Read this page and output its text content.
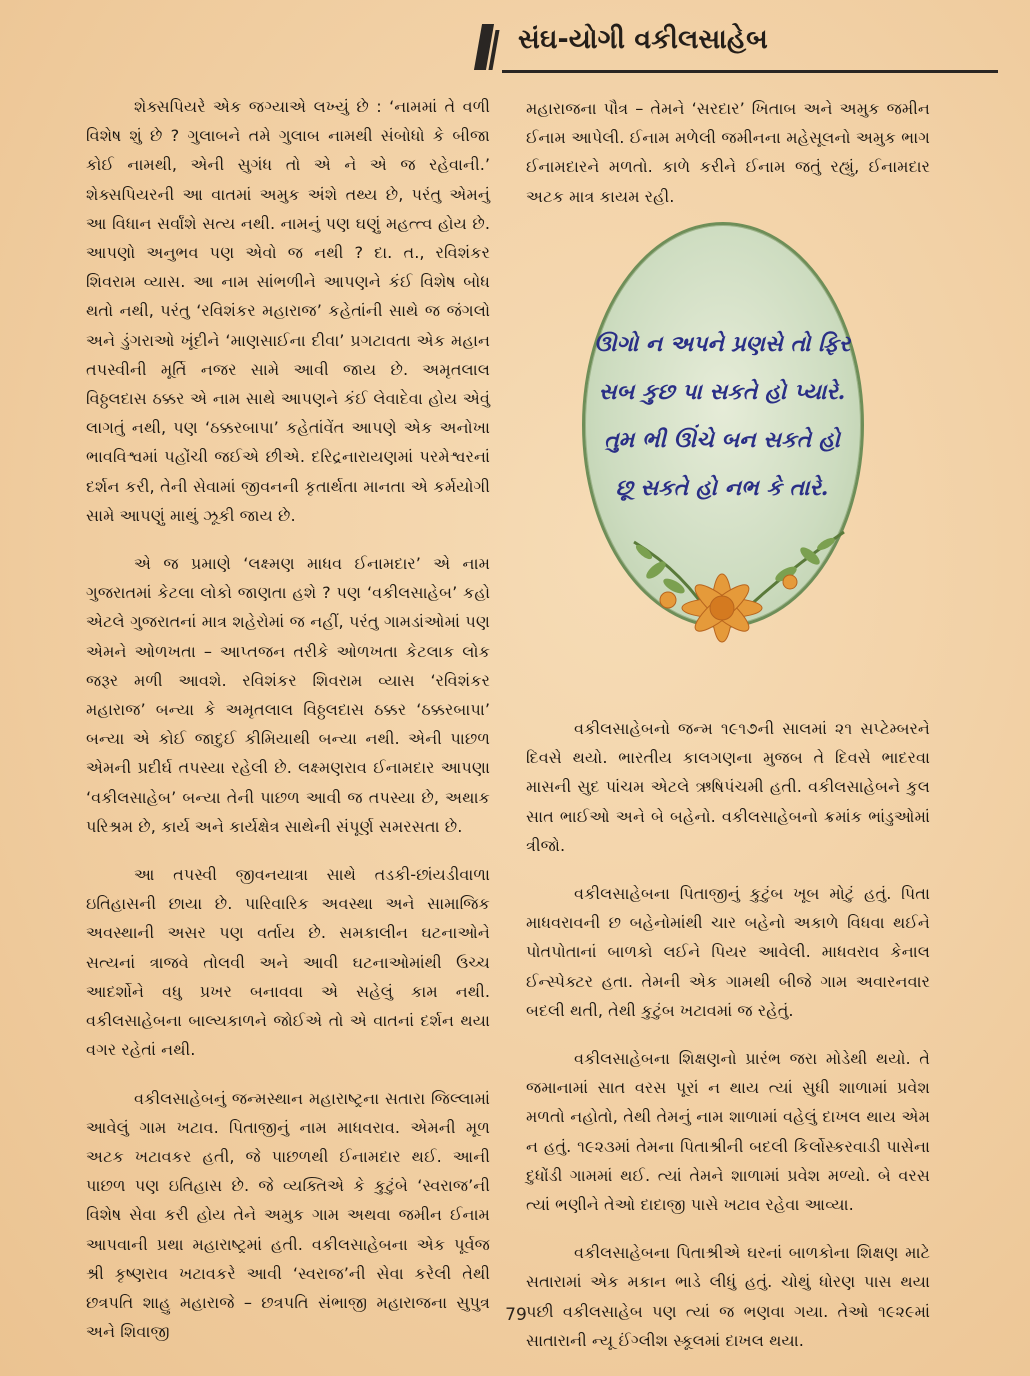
સંઘ-યોગી વકીલસાહેબ

શેક્સપિયરે એક જગ્યાએ લખ્યું છે : ‘નામમાં તે વળી વિશેષ શું છે ? ગુલાબને તમે ગુલાબ નામથી સંબોધો કે બીજા કોઈ નામથી, એની સુગંધ તો એ ને એ જ રહેવાની.’ શેક્સપિયરની આ વાતમાં અમુક અંશે તથ્ય છે, પરંતુ એમનું આ વિધાન સર્વાંશે સત્ય નથી. નામનું પણ ઘણું મહત્ત્વ હોય છે. આપણો અનુભવ પણ એવો જ નથી ? દા. ત., રવિશંકર શિવરામ વ્યાસ. આ નામ સાંભળીને આપણને કંઈ વિશેષ બોધ થતો નથી, પરંતુ ‘રવિશંકર મહારાજ’ કહેતાંની સાથે જ જંગલો અને ડુંગરાઓ ખૂંદીને ‘માણસાઈના દીવા’ પ્રગટાવતા એક મહાન તપસ્વીની મૂર્તિ નજર સામે આવી જાય છે. અમૃતલાલ વિઠ્ઠલદાસ ઠક્કર એ નામ સાથે આપણને કંઈ લેવાદેવા હોય એવું લાગતું નથી, પણ ‘ઠક્કરબાપા’ કહેતાંવેંત આપણે એક અનોખા ભાવવિશ્વમાં પહોંચી જઈએ છીએ. દરિદ્રનારાયણમાં પરમેશ્વરનાં દર્શન કરી, તેની સેવામાં જીવનની કૃતાર્થતા માનતા એ કર્મયોગી સામે આપણું માથું ઝૂકી જાય છે.

એ જ પ્રમાણે ‘લક્ષ્મણ માધવ ઈનામદાર’ એ નામ ગુજરાતમાં કેટલા લોકો જાણતા હશે ? પણ ‘વકીલસાહેબ’ કહો એટલે ગુજરાતનાં માત્ર શહેરોમાં જ નહીં, પરંતુ ગામડાંઓમાં પણ એમને ઓળખતા – આપ્તજન તરીકે ઓળખતા કેટલાક લોક જરૂર મળી આવશે. રવિશંકર શિવરામ વ્યાસ ‘રવિશંકર મહારાજ’ બન્યા કે અમૃતલાલ વિઠ્ઠલદાસ ઠક્કર ‘ઠક્કરબાપા’ બન્યા એ કોઈ જાદુઈ કીમિયાથી બન્યા નથી. એની પાછળ એમની પ્રદીર્ઘ તપસ્યા રહેલી છે. લક્ષ્મણરાવ ઈનામદાર આપણા ‘વકીલસાહેબ’ બન્યા તેની પાછળ આવી જ તપસ્યા છે, અથાક પરિશ્રમ છે, કાર્ય અને કાર્યક્ષેત્ર સાથેની સંપૂર્ણ સમરસતા છે.

આ તપસ્વી જીવનયાત્રા સાથે તડકી-છાંયડીવાળા ઇતિહાસની છાયા છે. પારિવારિક અવસ્થા અને સામાજિક અવસ્થાની અસર પણ વર્તાય છે. સમકાલીન ઘટનાઓને સત્યનાં ત્રાજવે તોલવી અને આવી ઘટનાઓમાંથી ઉચ્ચ આદર્શોને વધુ પ્રખર બનાવવા એ સહેલું કામ નથી. વકીલસાહેબના બાલ્યકાળને જોઈએ તો એ વાતનાં દર્શન થયા વગર રહેતાં નથી.

વકીલસાહેબનું જન્મસ્થાન મહારાષ્ટ્રના સતારા જિલ્લામાં આવેલું ગામ ખટાવ. પિતાજીનું નામ માધવરાવ. એમની મૂળ અટક ખટાવકર હતી, જે પાછળથી ઈનામદાર થઈ. આની પાછળ પણ ઇતિહાસ છે. જે વ્યક્તિએ કે કુટુંબે ‘સ્વરાજ’ની વિશેષ સેવા કરી હોય તેને અમુક ગામ અથવા જમીન ઈનામ આપવાની પ્રથા મહારાષ્ટ્રમાં હતી. વકીલસાહેબના એક પૂર્વજ શ્રી કૃષ્ણરાવ ખટાવકરે આવી ‘સ્વરાજ’ની સેવા કરેલી તેથી છત્રપતિ શાહુ મહારાજે – છત્રપતિ સંભાજી મહારાજના સુપુત્ર અને શિવાજી

મહારાજના પૌત્ર – તેમને ‘સરદાર’ ખિતાબ અને અમુક જમીન ઈનામ આપેલી. ઈનામ મળેલી જમીનના મહેસૂલનો અમુક ભાગ ઈનામદારને મળતો. કાળે કરીને ઈનામ જતું રહ્યું, ઈનામદાર અટક માત્ર કાયમ રહી.

ઊગો ન અપને પ્રણસે તો ફિર
સબ કુછ પા સકતે હો પ્યારે.
તુમ ભી ઊંચે બન સકતે હો
છૂ સકતે હો નભ કે તારે.

વકીલસાહેબનો જન્મ ૧૯૧૭ની સાલમાં ૨૧ સપ્ટેમ્બરને દિવસે થયો. ભારતીય કાલગણના મુજબ તે દિવસે ભાદરવા માસની સુદ પાંચમ એટલે ઋષિપંચમી હતી. વકીલસાહેબને કુલ સાત ભાઈઓ અને બે બહેનો. વકીલસાહેબનો ક્રમાંક ભાંડુઓમાં ત્રીજો.

વકીલસાહેબના પિતાજીનું કુટુંબ ખૂબ મોટું હતું. પિતા માધવરાવની છ બહેનોમાંથી ચાર બહેનો અકાળે વિધવા થઈને પોતપોતાનાં બાળકો લઈને પિયર આવેલી. માધવરાવ કેનાલ ઈન્સ્પેક્ટર હતા. તેમની એક ગામથી બીજે ગામ અવારનવાર બદલી થતી, તેથી કુટુંબ ખટાવમાં જ રહેતું.

વકીલસાહેબના શિક્ષણનો પ્રારંભ જરા મોડેથી થયો. તે જમાનામાં સાત વરસ પૂરાં ન થાય ત્યાં સુધી શાળામાં પ્રવેશ મળતો નહોતો, તેથી તેમનું નામ શાળામાં વહેલું દાખલ થાય એમ ન હતું. ૧૯૨૩માં તેમના પિતાશ્રીની બદલી કિર્લોસ્કરવાડી પાસેના દુધોંડી ગામમાં થઈ. ત્યાં તેમને શાળામાં પ્રવેશ મળ્યો. બે વરસ ત્યાં ભણીને તેઓ દાદાજી પાસે ખટાવ રહેવા આવ્યા.

વકીલસાહેબના પિતાશ્રીએ ઘરનાં બાળકોના શિક્ષણ માટે સતારામાં એક મકાન ભાડે લીધું હતું. ચોથું ધોરણ પાસ થયા પછી વકીલસાહેબ પણ ત્યાં જ ભણવા ગયા. તેઓ ૧૯૨૯માં સાતારાની ન્યૂ ઈંગ્લીશ સ્કૂલમાં દાખલ થયા.

79
